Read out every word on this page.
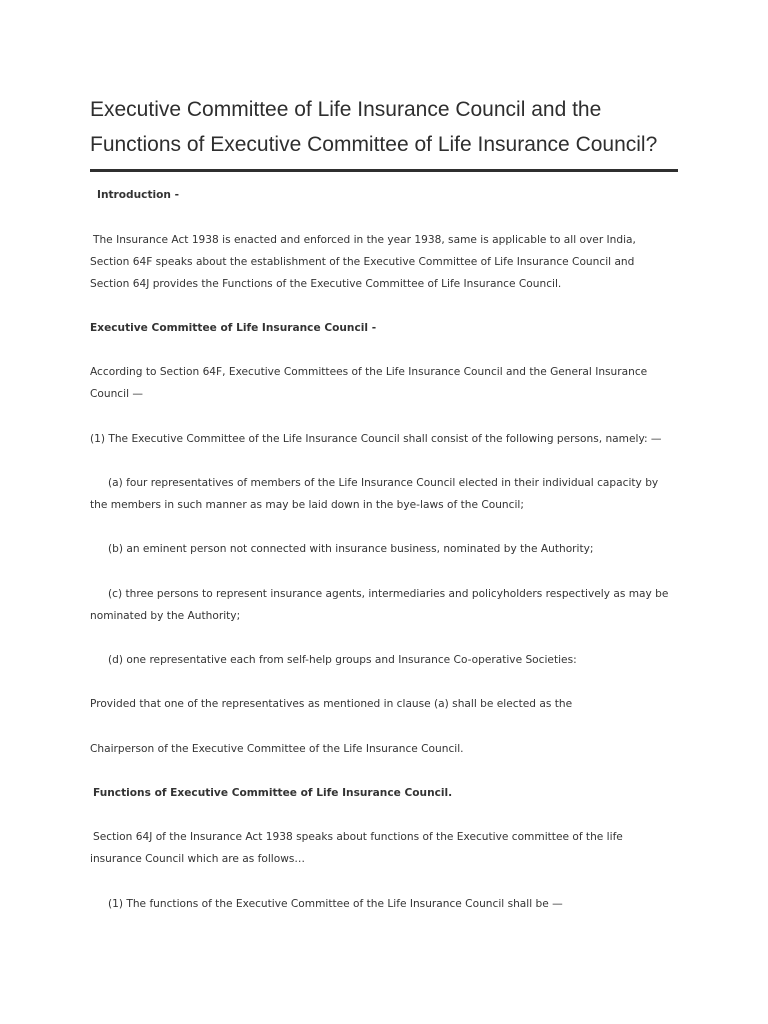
Executive Committee of Life Insurance Council and the
Functions of Executive Committee of Life Insurance Council?
Introduction -
The Insurance Act 1938 is enacted and enforced in the year 1938, same is applicable to all over India,
Section 64F speaks about the establishment of the Executive Committee of Life Insurance Council and
Section 64J provides the Functions of the Executive Committee of Life Insurance Council.
Executive Committee of Life Insurance Council -
According to Section 64F, Executive Committees of the Life Insurance Council and the General Insurance
Council —
(1) The Executive Committee of the Life Insurance Council shall consist of the following persons, namely: —
(a) four representatives of members of the Life Insurance Council elected in their individual capacity by
the members in such manner as may be laid down in the bye-laws of the Council;
(b) an eminent person not connected with insurance business, nominated by the Authority;
(c) three persons to represent insurance agents, intermediaries and policyholders respectively as may be
nominated by the Authority;
(d) one representative each from self-help groups and Insurance Co-operative Societies:
Provided that one of the representatives as mentioned in clause (a) shall be elected as the
Chairperson of the Executive Committee of the Life Insurance Council.
Functions of Executive Committee of Life Insurance Council.
Section 64J of the Insurance Act 1938 speaks about functions of the Executive committee of the life
insurance Council which are as follows…
(1) The functions of the Executive Committee of the Life Insurance Council shall be —
